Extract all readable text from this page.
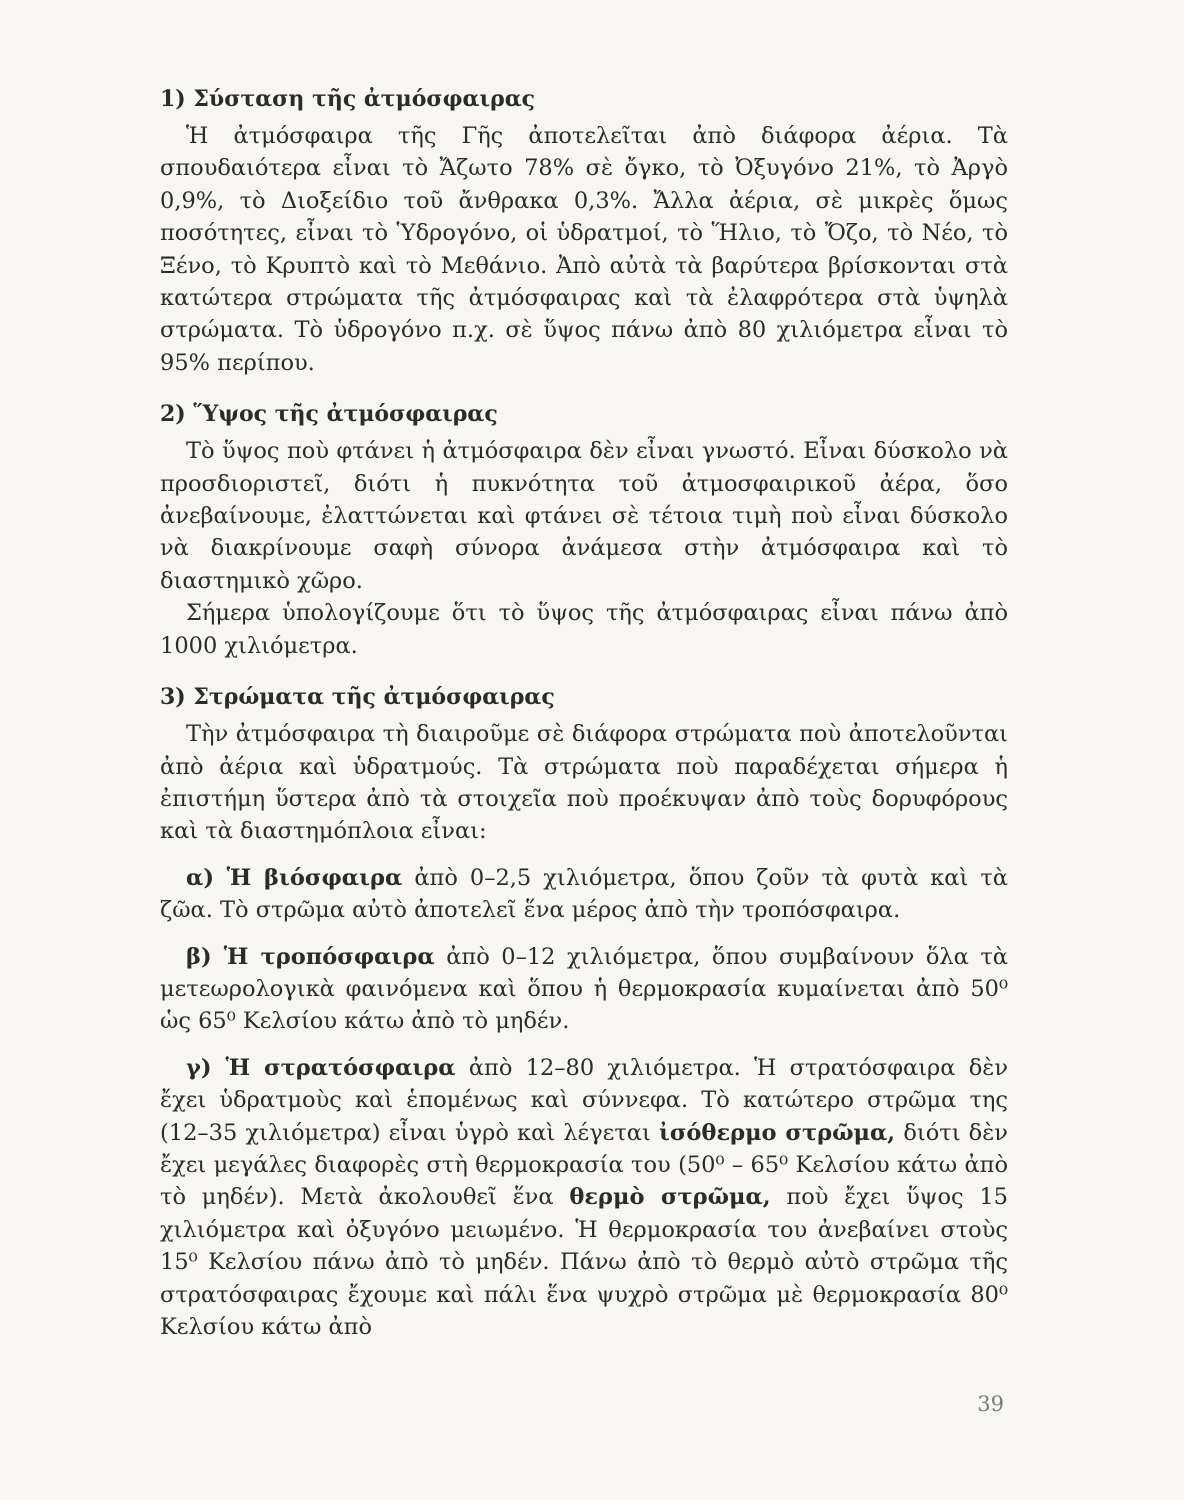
1) Σύσταση τῆς ἀτμόσφαιρας

Ἡ ἀτμόσφαιρα τῆς Γῆς ἀποτελεῖται ἀπὸ διάφορα ἀέρια. Τὰ σπουδαιότερα εἶναι τὸ Ἄζωτο 78% σὲ ὄγκο, τὸ Ὀξυγόνο 21%, τὸ Ἀργὸ 0,9%, τὸ Διοξείδιο τοῦ ἄνθρακα 0,3%. Ἄλλα ἀέρια, σὲ μικρὲς ὅμως ποσότητες, εἶναι τὸ Ὑδρογόνο, οἱ ὑδρατμοί, τὸ Ἥλιο, τὸ Ὄζο, τὸ Νέο, τὸ Ξένο, τὸ Κρυπτὸ καὶ τὸ Μεθάνιο. Ἀπὸ αὐτὰ τὰ βαρύτερα βρίσκονται στὰ κατώτερα στρώματα τῆς ἀτμόσφαιρας καὶ τὰ ἐλαφρότερα στὰ ὑψηλὰ στρώματα. Τὸ ὑδρογόνο π.χ. σὲ ὕψος πάνω ἀπὸ 80 χιλιόμετρα εἶναι τὸ 95% περίπου.

2) Ὕψος τῆς ἀτμόσφαιρας

Τὸ ὕψος ποὺ φτάνει ἡ ἀτμόσφαιρα δὲν εἶναι γνωστό. Εἶναι δύσκολο νὰ προσδιοριστεῖ, διότι ἡ πυκνότητα τοῦ ἀτμοσφαιρικοῦ ἀέρα, ὅσο ἀνεβαίνουμε, ἐλαττώνεται καὶ φτάνει σὲ τέτοια τιμὴ ποὺ εἶναι δύσκολο νὰ διακρίνουμε σαφὴ σύνορα ἀνάμεσα στὴν ἀτμόσφαιρα καὶ τὸ διαστημικὸ χῶρο.

Σήμερα ὑπολογίζουμε ὅτι τὸ ὕψος τῆς ἀτμόσφαιρας εἶναι πάνω ἀπὸ 1000 χιλιόμετρα.

3) Στρώματα τῆς ἀτμόσφαιρας

Τὴν ἀτμόσφαιρα τὴ διαιροῦμε σὲ διάφορα στρώματα ποὺ ἀποτελοῦνται ἀπὸ ἀέρια καὶ ὑδρατμούς. Τὰ στρώματα ποὺ παραδέχεται σήμερα ἡ ἐπιστήμη ὕστερα ἀπὸ τὰ στοιχεῖα ποὺ προέκυψαν ἀπὸ τοὺς δορυφόρους καὶ τὰ διαστημόπλοια εἶναι:

α) Ἡ βιόσφαιρα ἀπὸ 0–2,5 χιλιόμετρα, ὅπου ζοῦν τὰ φυτὰ καὶ τὰ ζῶα. Τὸ στρῶμα αὐτὸ ἀποτελεῖ ἕνα μέρος ἀπὸ τὴν τροπόσφαιρα.

β) Ἡ τροπόσφαιρα ἀπὸ 0–12 χιλιόμετρα, ὅπου συμβαίνουν ὅλα τὰ μετεωρολογικὰ φαινόμενα καὶ ὅπου ἡ θερμοκρασία κυμαίνεται ἀπὸ 50⁰ ὡς 65⁰ Κελσίου κάτω ἀπὸ τὸ μηδέν.

γ) Ἡ στρατόσφαιρα ἀπὸ 12–80 χιλιόμετρα. Ἡ στρατόσφαιρα δὲν ἔχει ὑδρατμοὺς καὶ ἑπομένως καὶ σύννεφα. Τὸ κατώτερο στρῶμα της (12–35 χιλιόμετρα) εἶναι ὑγρὸ καὶ λέγεται ἰσόθερμο στρῶμα, διότι δὲν ἔχει μεγάλες διαφορὲς στὴ θερμοκρασία του (50⁰ – 65⁰ Κελσίου κάτω ἀπὸ τὸ μηδέν). Μετὰ ἀκολουθεῖ ἕνα θερμὸ στρῶμα, ποὺ ἔχει ὕψος 15 χιλιόμετρα καὶ ὀξυγόνο μειωμένο. Ἡ θερμοκρασία του ἀνεβαίνει στοὺς 15⁰ Κελσίου πάνω ἀπὸ τὸ μηδέν. Πάνω ἀπὸ τὸ θερμὸ αὐτὸ στρῶμα τῆς στρατόσφαιρας ἔχουμε καὶ πάλι ἕνα ψυχρὸ στρῶμα μὲ θερμοκρασία 80⁰ Κελσίου κάτω ἀπὸ

39
